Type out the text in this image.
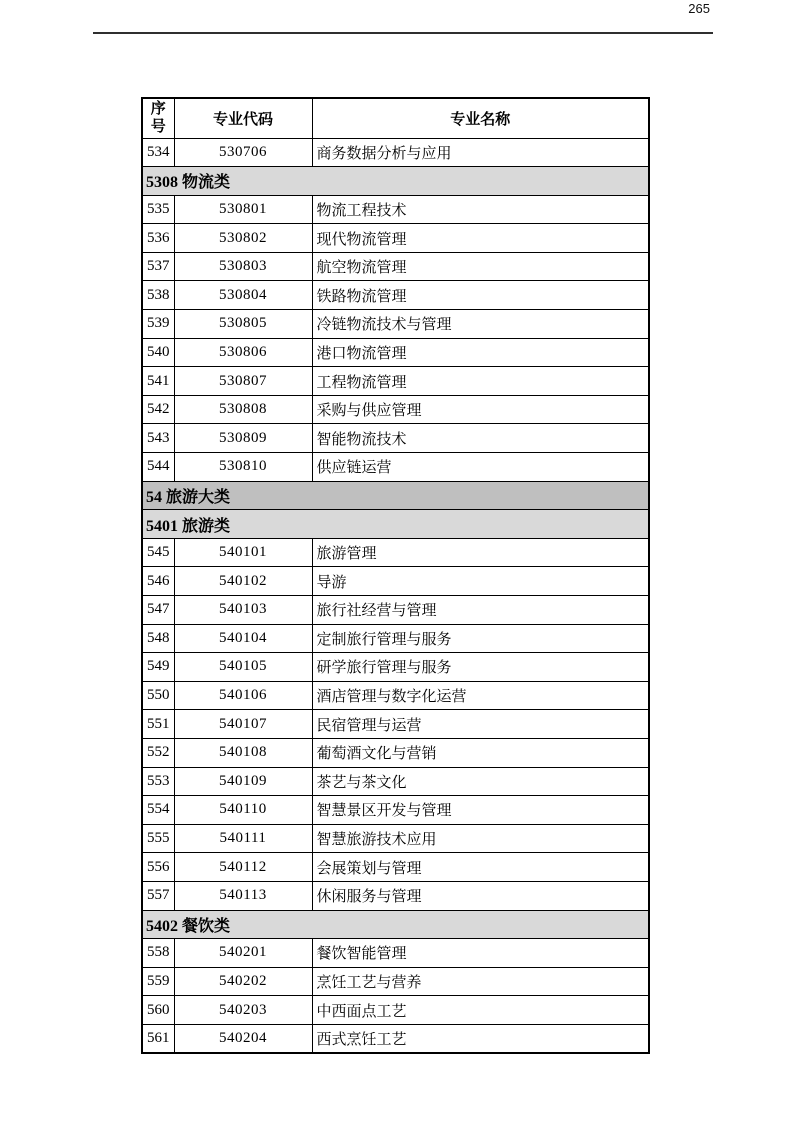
265
序号	专业代码	专业名称
534	530706	商务数据分析与应用
5308 物流类		
535	530801	物流工程技术
536	530802	现代物流管理
537	530803	航空物流管理
538	530804	铁路物流管理
539	530805	冷链物流技术与管理
540	530806	港口物流管理
541	530807	工程物流管理
542	530808	采购与供应管理
543	530809	智能物流技术
544	530810	供应链运营
54 旅游大类		
5401 旅游类		
545	540101	旅游管理
546	540102	导游
547	540103	旅行社经营与管理
548	540104	定制旅行管理与服务
549	540105	研学旅行管理与服务
550	540106	酒店管理与数字化运营
551	540107	民宿管理与运营
552	540108	葡萄酒文化与营销
553	540109	茶艺与茶文化
554	540110	智慧景区开发与管理
555	540111	智慧旅游技术应用
556	540112	会展策划与管理
557	540113	休闲服务与管理
5402 餐饮类		
558	540201	餐饮智能管理
559	540202	烹饪工艺与营养
560	540203	中西面点工艺
561	540204	西式烹饪工艺
